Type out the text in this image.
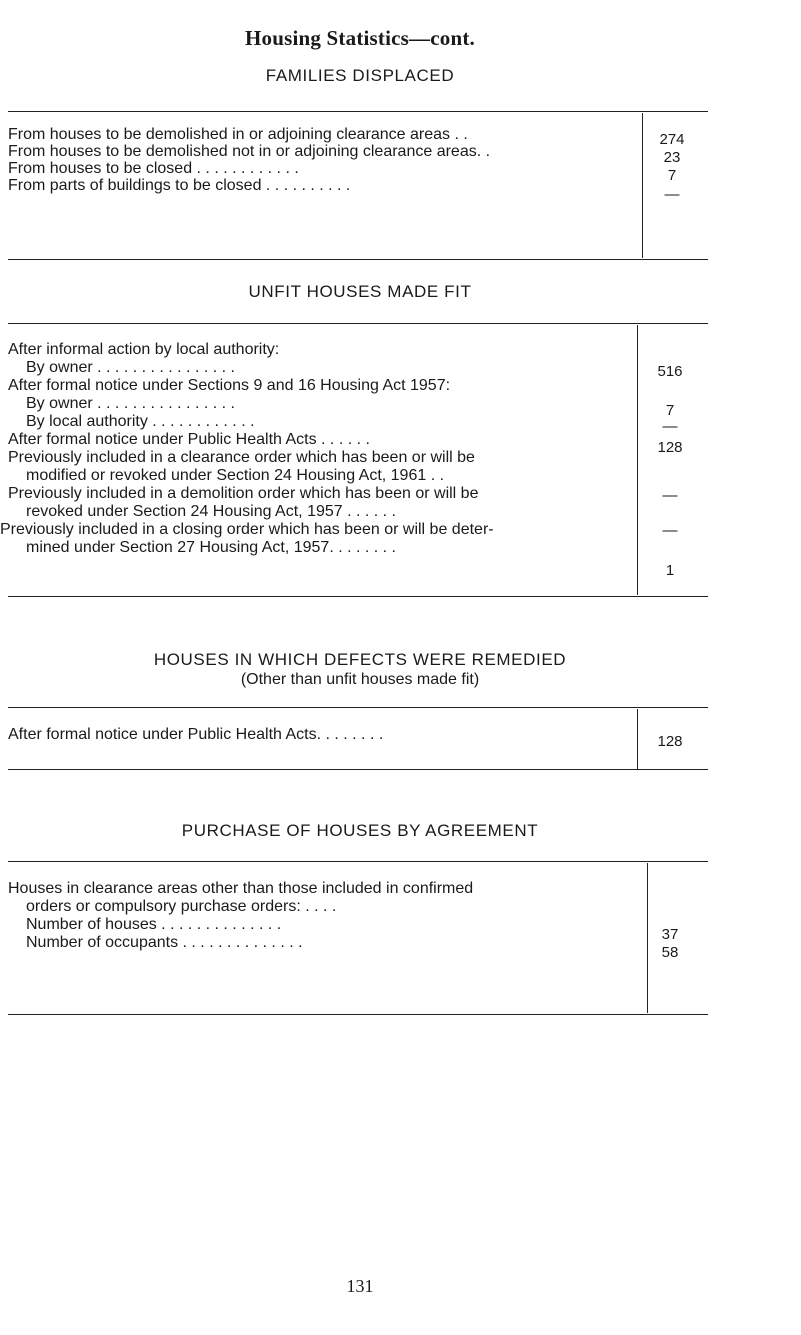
Housing Statistics—cont.
FAMILIES DISPLACED
From houses to be demolished in or adjoining clearance areas . .
From houses to be demolished not in or adjoining clearance areas. .
From houses to be closed . . . . . . . . . . . .
From parts of buildings to be closed . . . . . . . . . .
274
23
7
—
UNFIT HOUSES MADE FIT
After informal action by local authority:
By owner . . . . . . . . . . . . . . . .
After formal notice under Sections 9 and 16 Housing Act 1957:
By owner . . . . . . . . . . . . . . . .
By local authority . . . . . . . . . . . .
After formal notice under Public Health Acts . . . . . .
Previously included in a clearance order which has been or will be
modified or revoked under Section 24 Housing Act, 1961 . .
Previously included in a demolition order which has been or will be
revoked under Section 24 Housing Act, 1957 . . . . . .
Previously included in a closing order which has been or will be deter-
mined under Section 27 Housing Act, 1957. . . . . . . .
516
7
—
128
—
—
1
HOUSES IN WHICH DEFECTS WERE REMEDIED
(Other than unfit houses made fit)
After formal notice under Public Health Acts. . . . . . . .	128
PURCHASE OF HOUSES BY AGREEMENT
Houses in clearance areas other than those included in confirmed
orders or compulsory purchase orders: . . . .
Number of houses . . . . . . . . . . . . . .
Number of occupants . . . . . . . . . . . . . .	37
58
131
